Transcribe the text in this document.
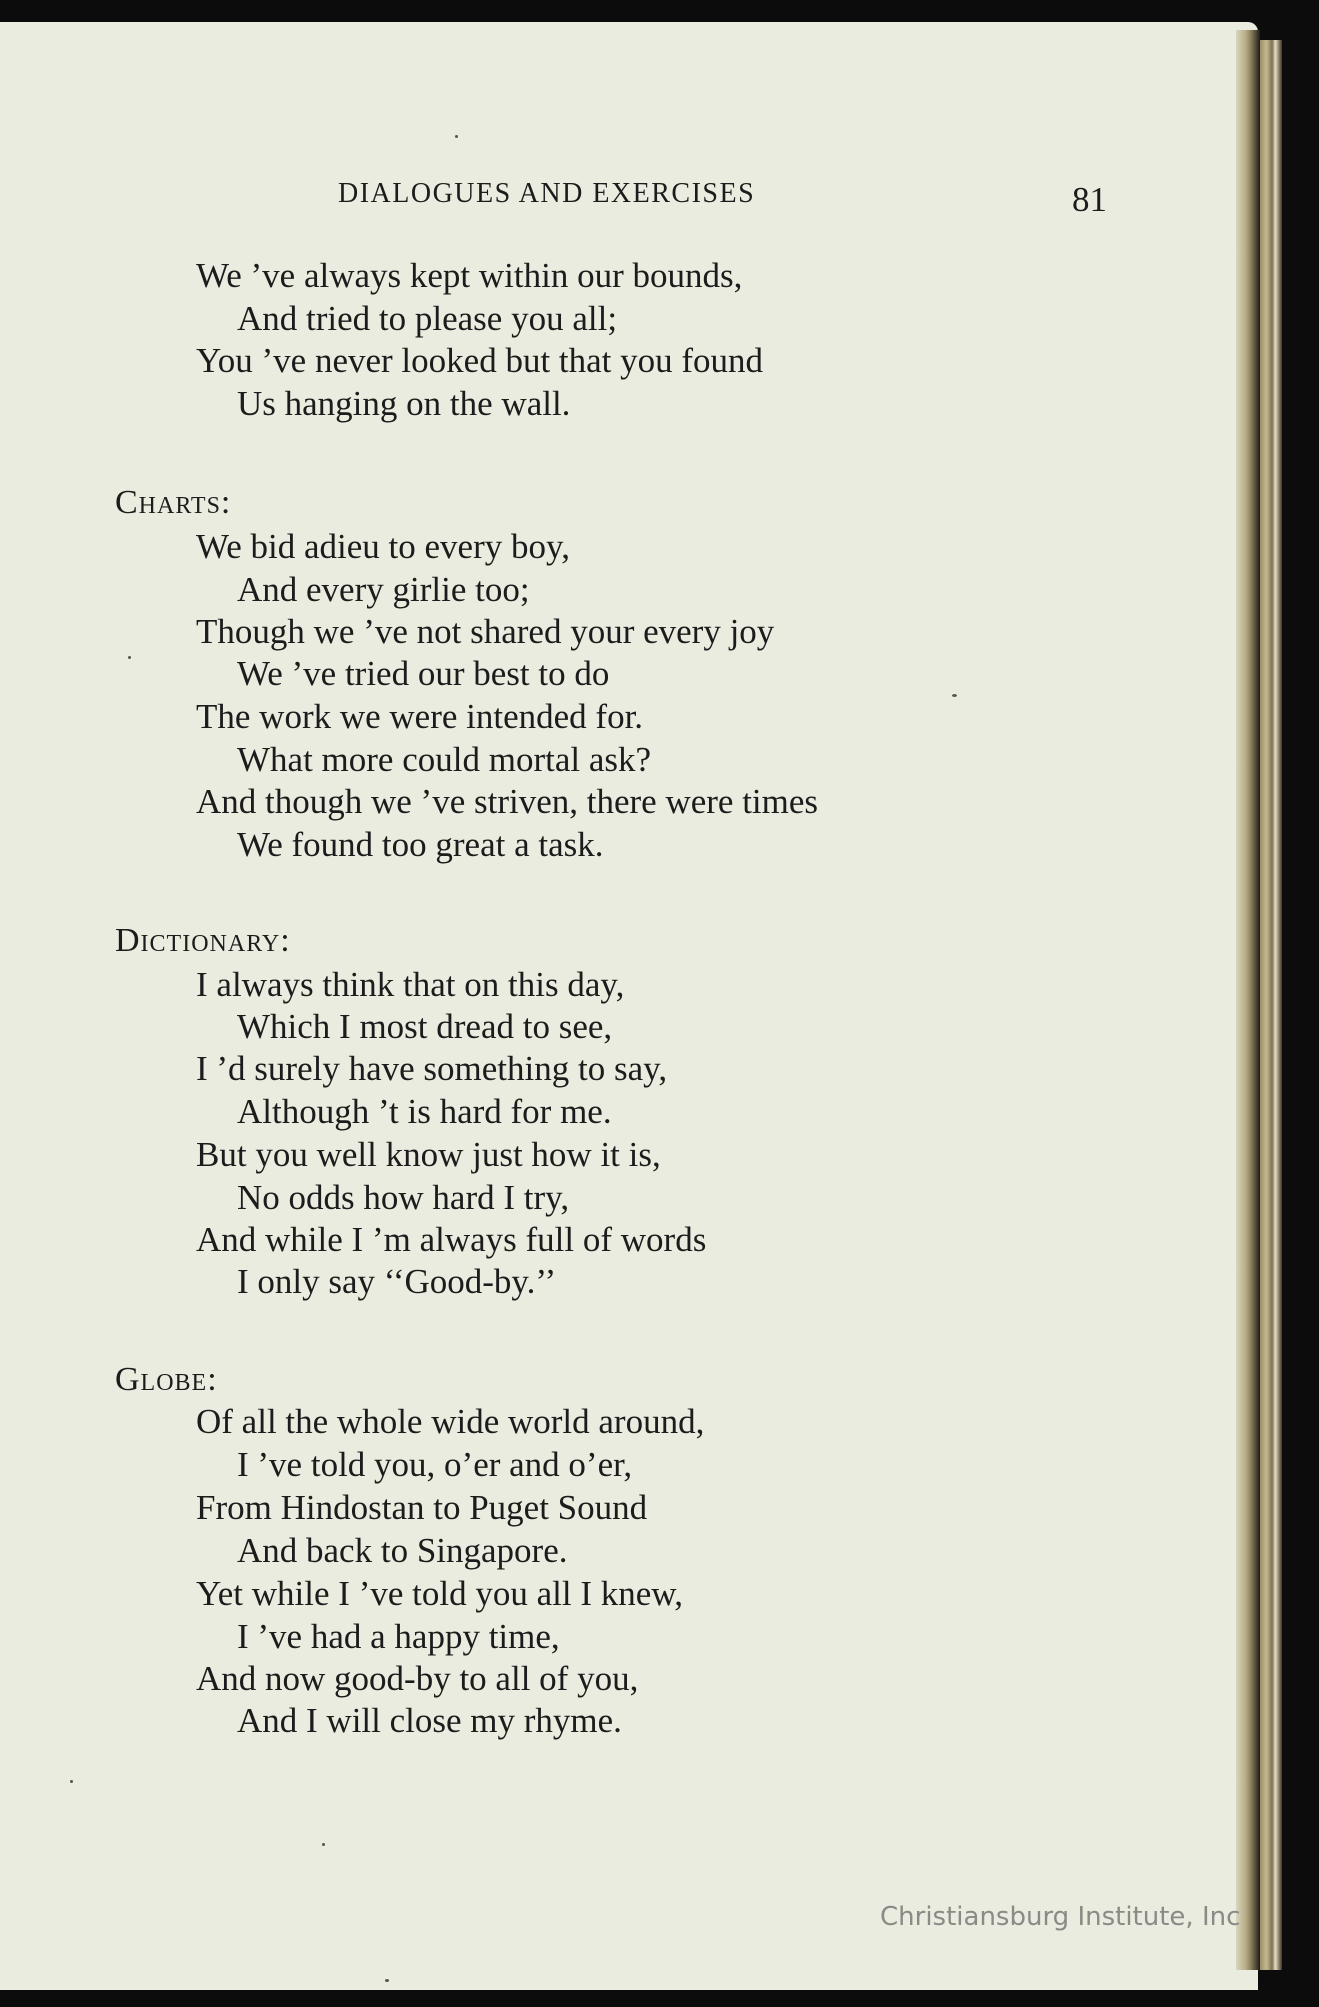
DIALOGUES AND EXERCISES	81
We ’ve always kept within our bounds,
And tried to please you all;
You ’ve never looked but that you found
Us hanging on the wall.
Charts:
We bid adieu to every boy,
And every girlie too;
Though we ’ve not shared your every joy
We ’ve tried our best to do
The work we were intended for.
What more could mortal ask?
And though we ’ve striven, there were times
We found too great a task.
Dictionary:
I always think that on this day,
Which I most dread to see,
I ’d surely have something to say,
Although ’t is hard for me.
But you well know just how it is,
No odds how hard I try,
And while I ’m always full of words
I only say ‘‘Good-by.’’
Globe:
Of all the whole wide world around,
I ’ve told you, o’er and o’er,
From Hindostan to Puget Sound
And back to Singapore.
Yet while I ’ve told you all I knew,
I ’ve had a happy time,
And now good-by to all of you,
And I will close my rhyme.
Christiansburg Institute, Inc
